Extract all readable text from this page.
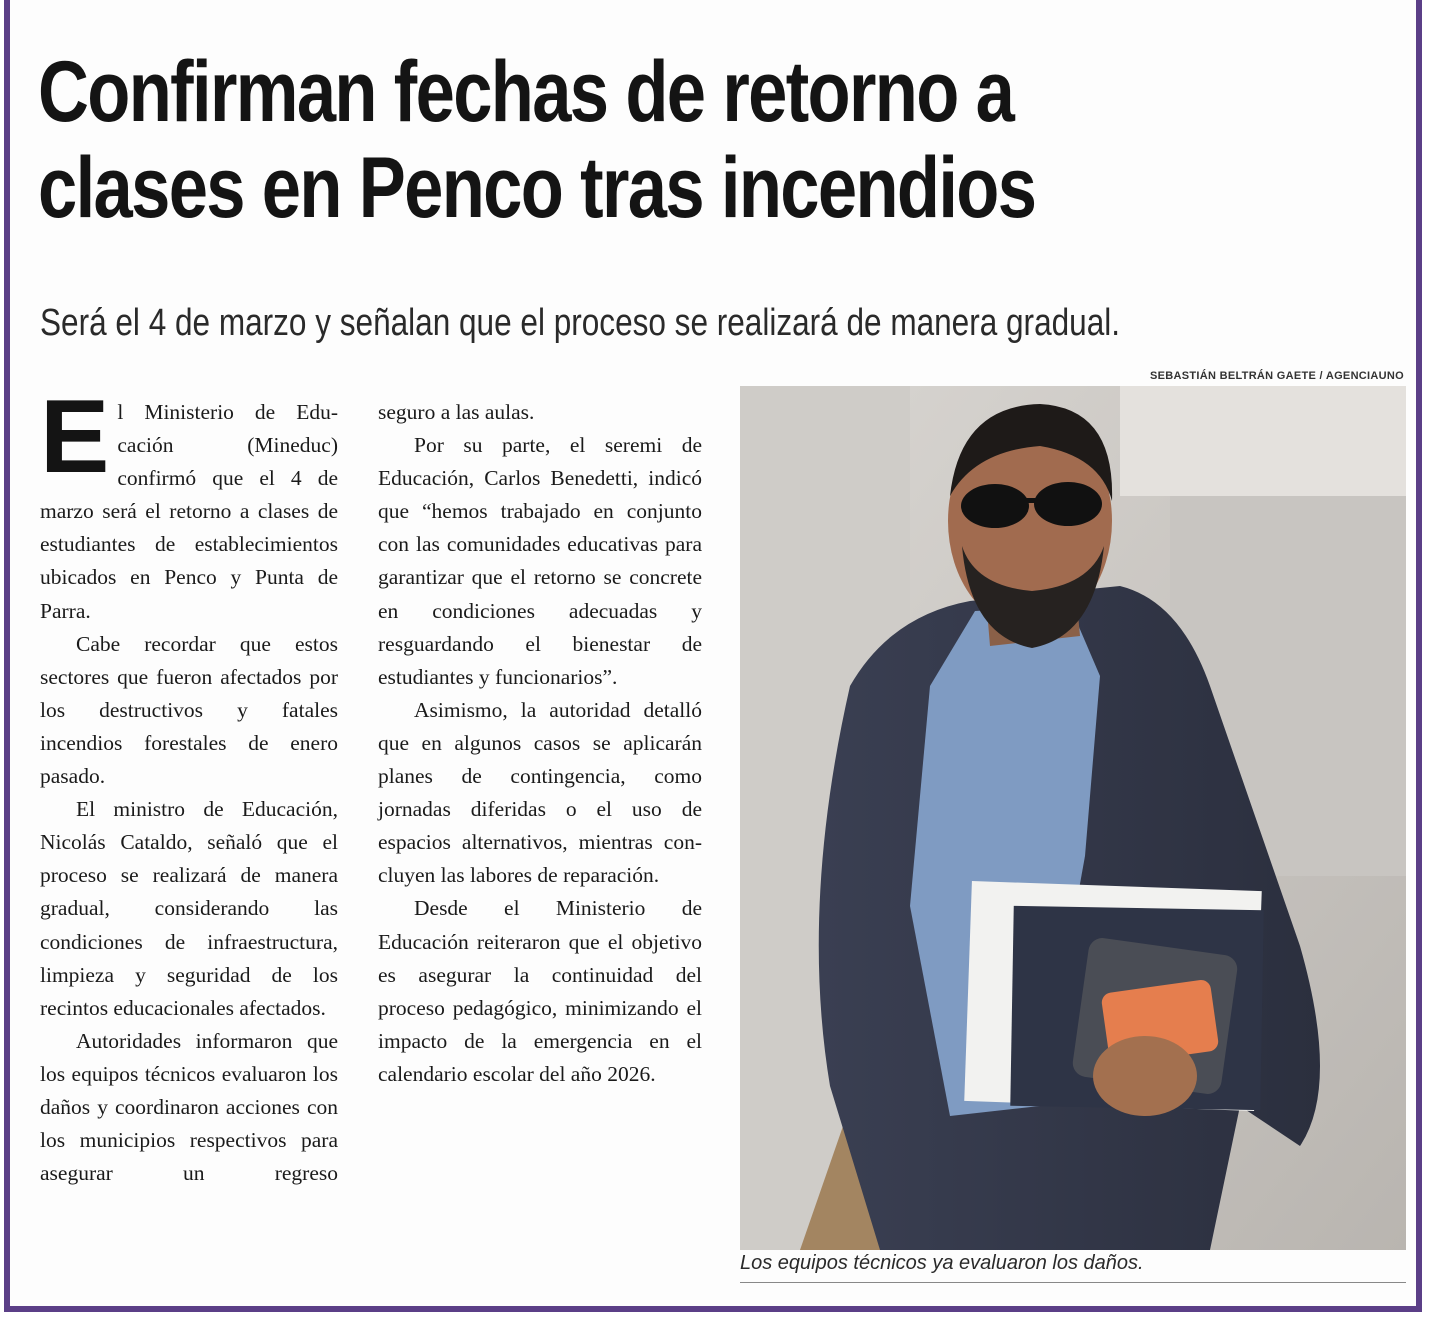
Confirman fechas de retorno a
clases en Penco tras incendios
Será el 4 de marzo y señalan que el proceso se realizará de manera gradual.
SEBASTIÁN BELTRÁN GAETE / AGENCIAUNO
E l Ministerio de Educación (Mineduc) confirmó que el 4 de marzo será el retorno a clases de estudiantes de establecimientos ubicados en Penco y Punta de Parra.

Cabe recordar que estos sectores que fueron afectados por los destructivos y fatales incendios forestales de enero pasado.

El ministro de Educación, Nicolás Cataldo, señaló que el proceso se realizará de manera gradual, considerando las condiciones de infraestructura, limpieza y seguridad de los recintos educacionales afectados.

Autoridades informaron que los equipos técnicos evaluaron los daños y coordinaron acciones con los municipios respectivos para asegurar un regreso

seguro a las aulas.

Por su parte, el seremi de Educación, Carlos Benedetti, indicó que “hemos trabajado en conjunto con las comunidades educativas para garantizar que el retorno se concrete en condiciones adecuadas y resguardando el bienestar de estudiantes y funcionarios”.

Asimismo, la autoridad detalló que en algunos casos se aplicarán planes de contingencia, como jornadas diferidas o el uso de espacios alternativos, mientras concluyen las labores de reparación.

Desde el Ministerio de Educación reiteraron que el objetivo es asegurar la continuidad del proceso pedagógico, minimizando el impacto de la emergencia en el calendario escolar del año 2026.

Los equipos técnicos ya evaluaron los daños.
